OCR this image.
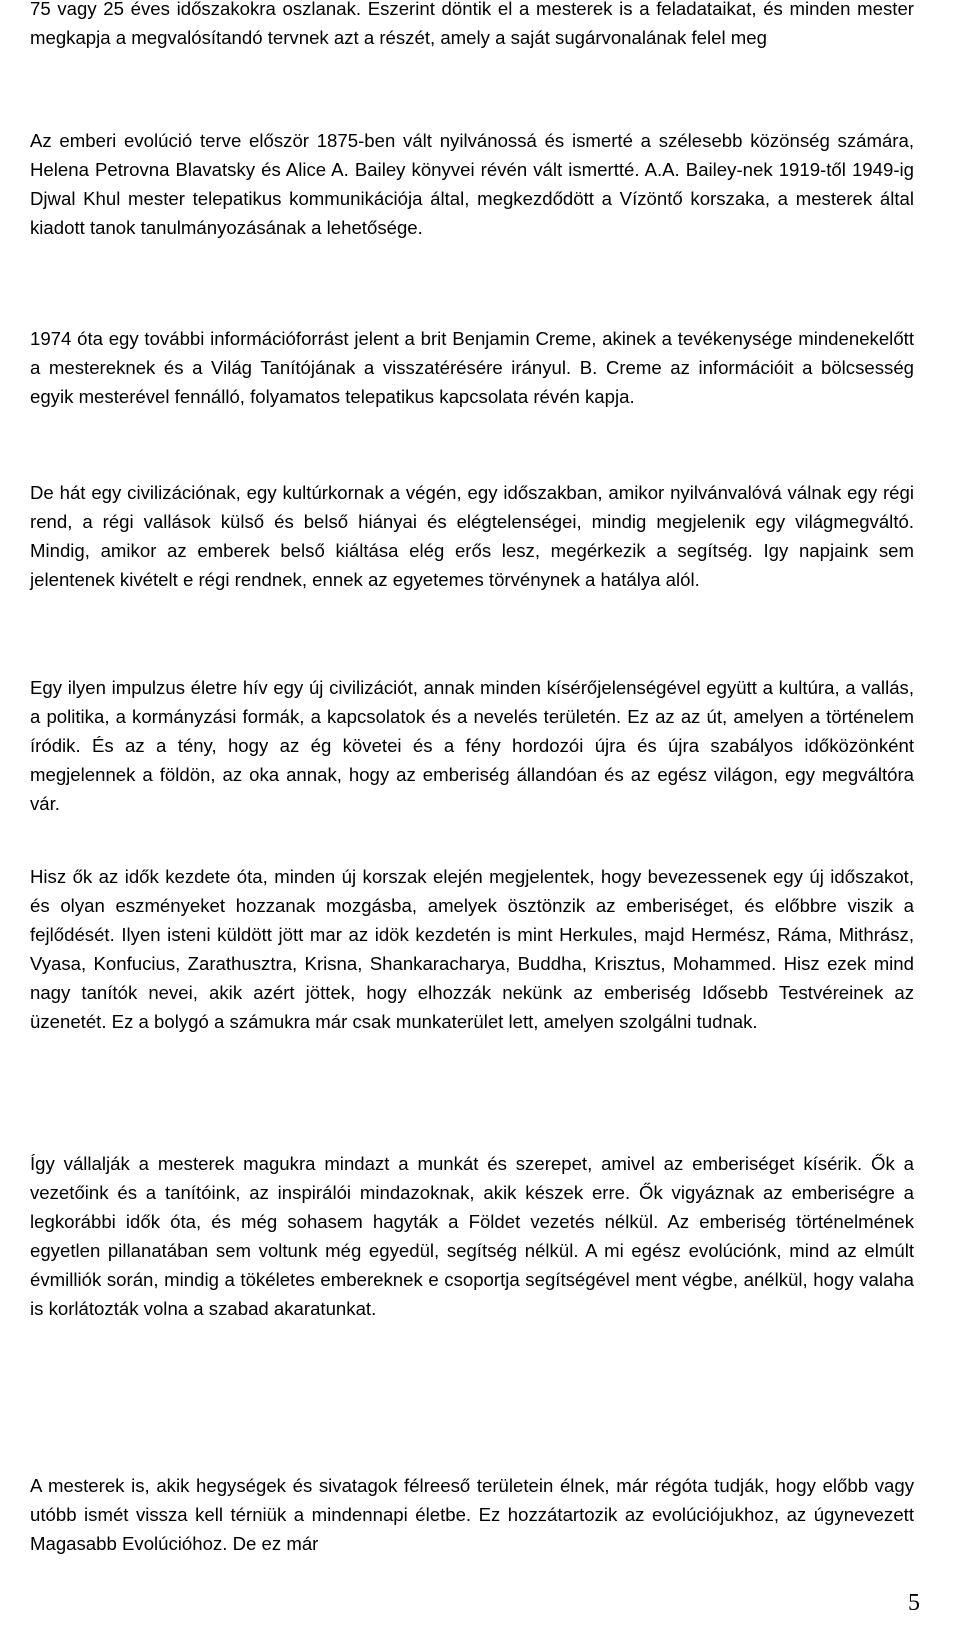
75 vagy 25 éves időszakokra oszlanak. Eszerint döntik el a mesterek is a feladataikat, és minden mester megkapja a megvalósítandó tervnek azt a részét, amely a saját sugárvonalának felel meg

Az emberi evolúció terve először 1875-ben vált nyilvánossá és ismerté a szélesebb közönség számára, Helena Petrovna Blavatsky és Alice A. Bailey könyvei révén vált ismertté. A.A. Bailey-nek 1919-től 1949-ig Djwal Khul mester telepatikus kommunikációja által, megkezdődött a Vízöntő korszaka, a mesterek által kiadott tanok tanulmányozásának a lehetősége.

1974 óta egy további információforrást jelent a brit Benjamin Creme, akinek a tevékenysége mindenekelőtt a mestereknek és a Világ Tanítójának a visszatérésére irányul. B. Creme az információit a bölcsesség egyik mesterével fennálló, folyamatos telepatikus kapcsolata révén kapja.

De hát egy civilizációnak, egy kultúrkornak a végén, egy időszakban, amikor nyilvánvalóvá válnak egy régi rend, a régi vallások külső és belső hiányai és elégtelenségei, mindig megjelenik egy világmegváltó. Mindig, amikor az emberek belső kiáltása elég erős lesz, megérkezik a segítség. Igy napjaink sem jelentenek kivételt e régi rendnek, ennek az egyetemes törvénynek a hatálya alól.

Egy ilyen impulzus életre hív egy új civilizációt, annak minden kísérőjelenségével együtt a kultúra, a vallás, a politika, a kormányzási formák, a kapcsolatok és a nevelés területén. Ez az az út, amelyen a történelem íródik. És az a tény, hogy az ég követei és a fény hordozói újra és újra szabályos időközönként megjelennek a földön, az oka annak, hogy az emberiség állandóan és az egész világon, egy megváltóra vár.

Hisz ők az idők kezdete óta, minden új korszak elején megjelentek, hogy bevezessenek egy új időszakot, és olyan eszményeket hozzanak mozgásba, amelyek ösztönzik az emberiséget, és előbbre viszik a fejlődését. Ilyen isteni küldött jött mar az idök kezdetén is mint Herkules, majd Hermész, Ráma, Mithrász, Vyasa, Konfucius, Zarathusztra, Krisna, Shankaracharya, Buddha, Krisztus, Mohammed. Hisz ezek mind nagy tanítók nevei, akik azért jöttek, hogy elhozzák nekünk az emberiség Idősebb Testvéreinek az üzenetét. Ez a bolygó a számukra már csak munkaterület lett, amelyen szolgálni tudnak.

Így vállalják a mesterek magukra mindazt a munkát és szerepet, amivel az emberiséget kísérik. Ők a vezetőink és a tanítóink, az inspirálói mindazoknak, akik készek erre. Ők vigyáznak az emberiségre a legkorábbi idők óta, és még sohasem hagyták a Földet vezetés nélkül. Az emberiség történelmének egyetlen pillanatában sem voltunk még egyedül, segítség nélkül. A mi egész evolúciónk, mind az elmúlt évmilliók során, mindig a tökéletes embereknek e csoportja segítségével ment végbe, anélkül, hogy valaha is korlátozták volna a szabad akaratunkat.

A mesterek is, akik hegységek és sivatagok félreeső területein élnek, már régóta tudják, hogy előbb vagy utóbb ismét vissza kell térniük a mindennapi életbe. Ez hozzátartozik az evolúciójukhoz, az úgynevezett Magasabb Evolúcióhoz. De ez már

5
